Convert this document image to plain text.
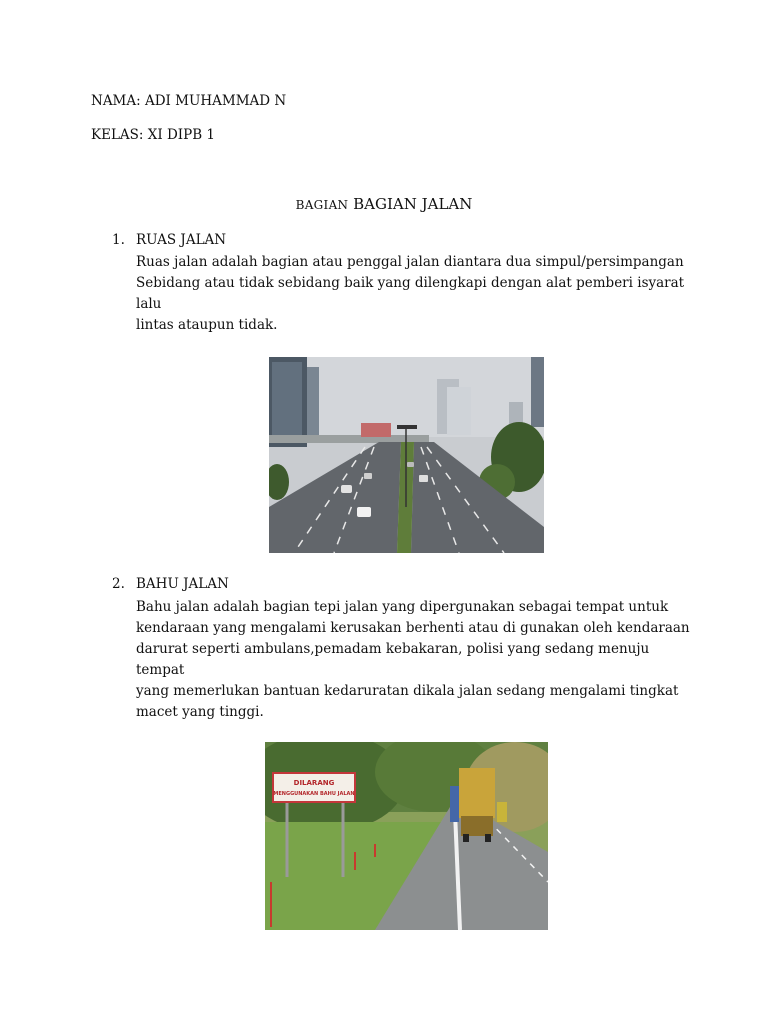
NAMA: ADI MUHAMMAD N
KELAS: XI DIPB 1
BAGIAN BAGIAN JALAN
1. RUAS JALAN
Ruas jalan adalah bagian atau penggal jalan diantara dua simpul/persimpangan
Sebidang atau tidak sebidang baik yang dilengkapi dengan alat pemberi isyarat lalu
lintas ataupun tidak.
2. BAHU JALAN
Bahu jalan adalah bagian tepi jalan yang dipergunakan sebagai tempat untuk
kendaraan yang mengalami kerusakan berhenti atau di gunakan oleh kendaraan
darurat seperti ambulans,pemadam kebakaran, polisi yang sedang menuju tempat
yang memerlukan bantuan kedaruratan dikala jalan sedang mengalami tingkat
macet yang tinggi.
DILARANG
MENGGUNAKAN BAHU JALAN
